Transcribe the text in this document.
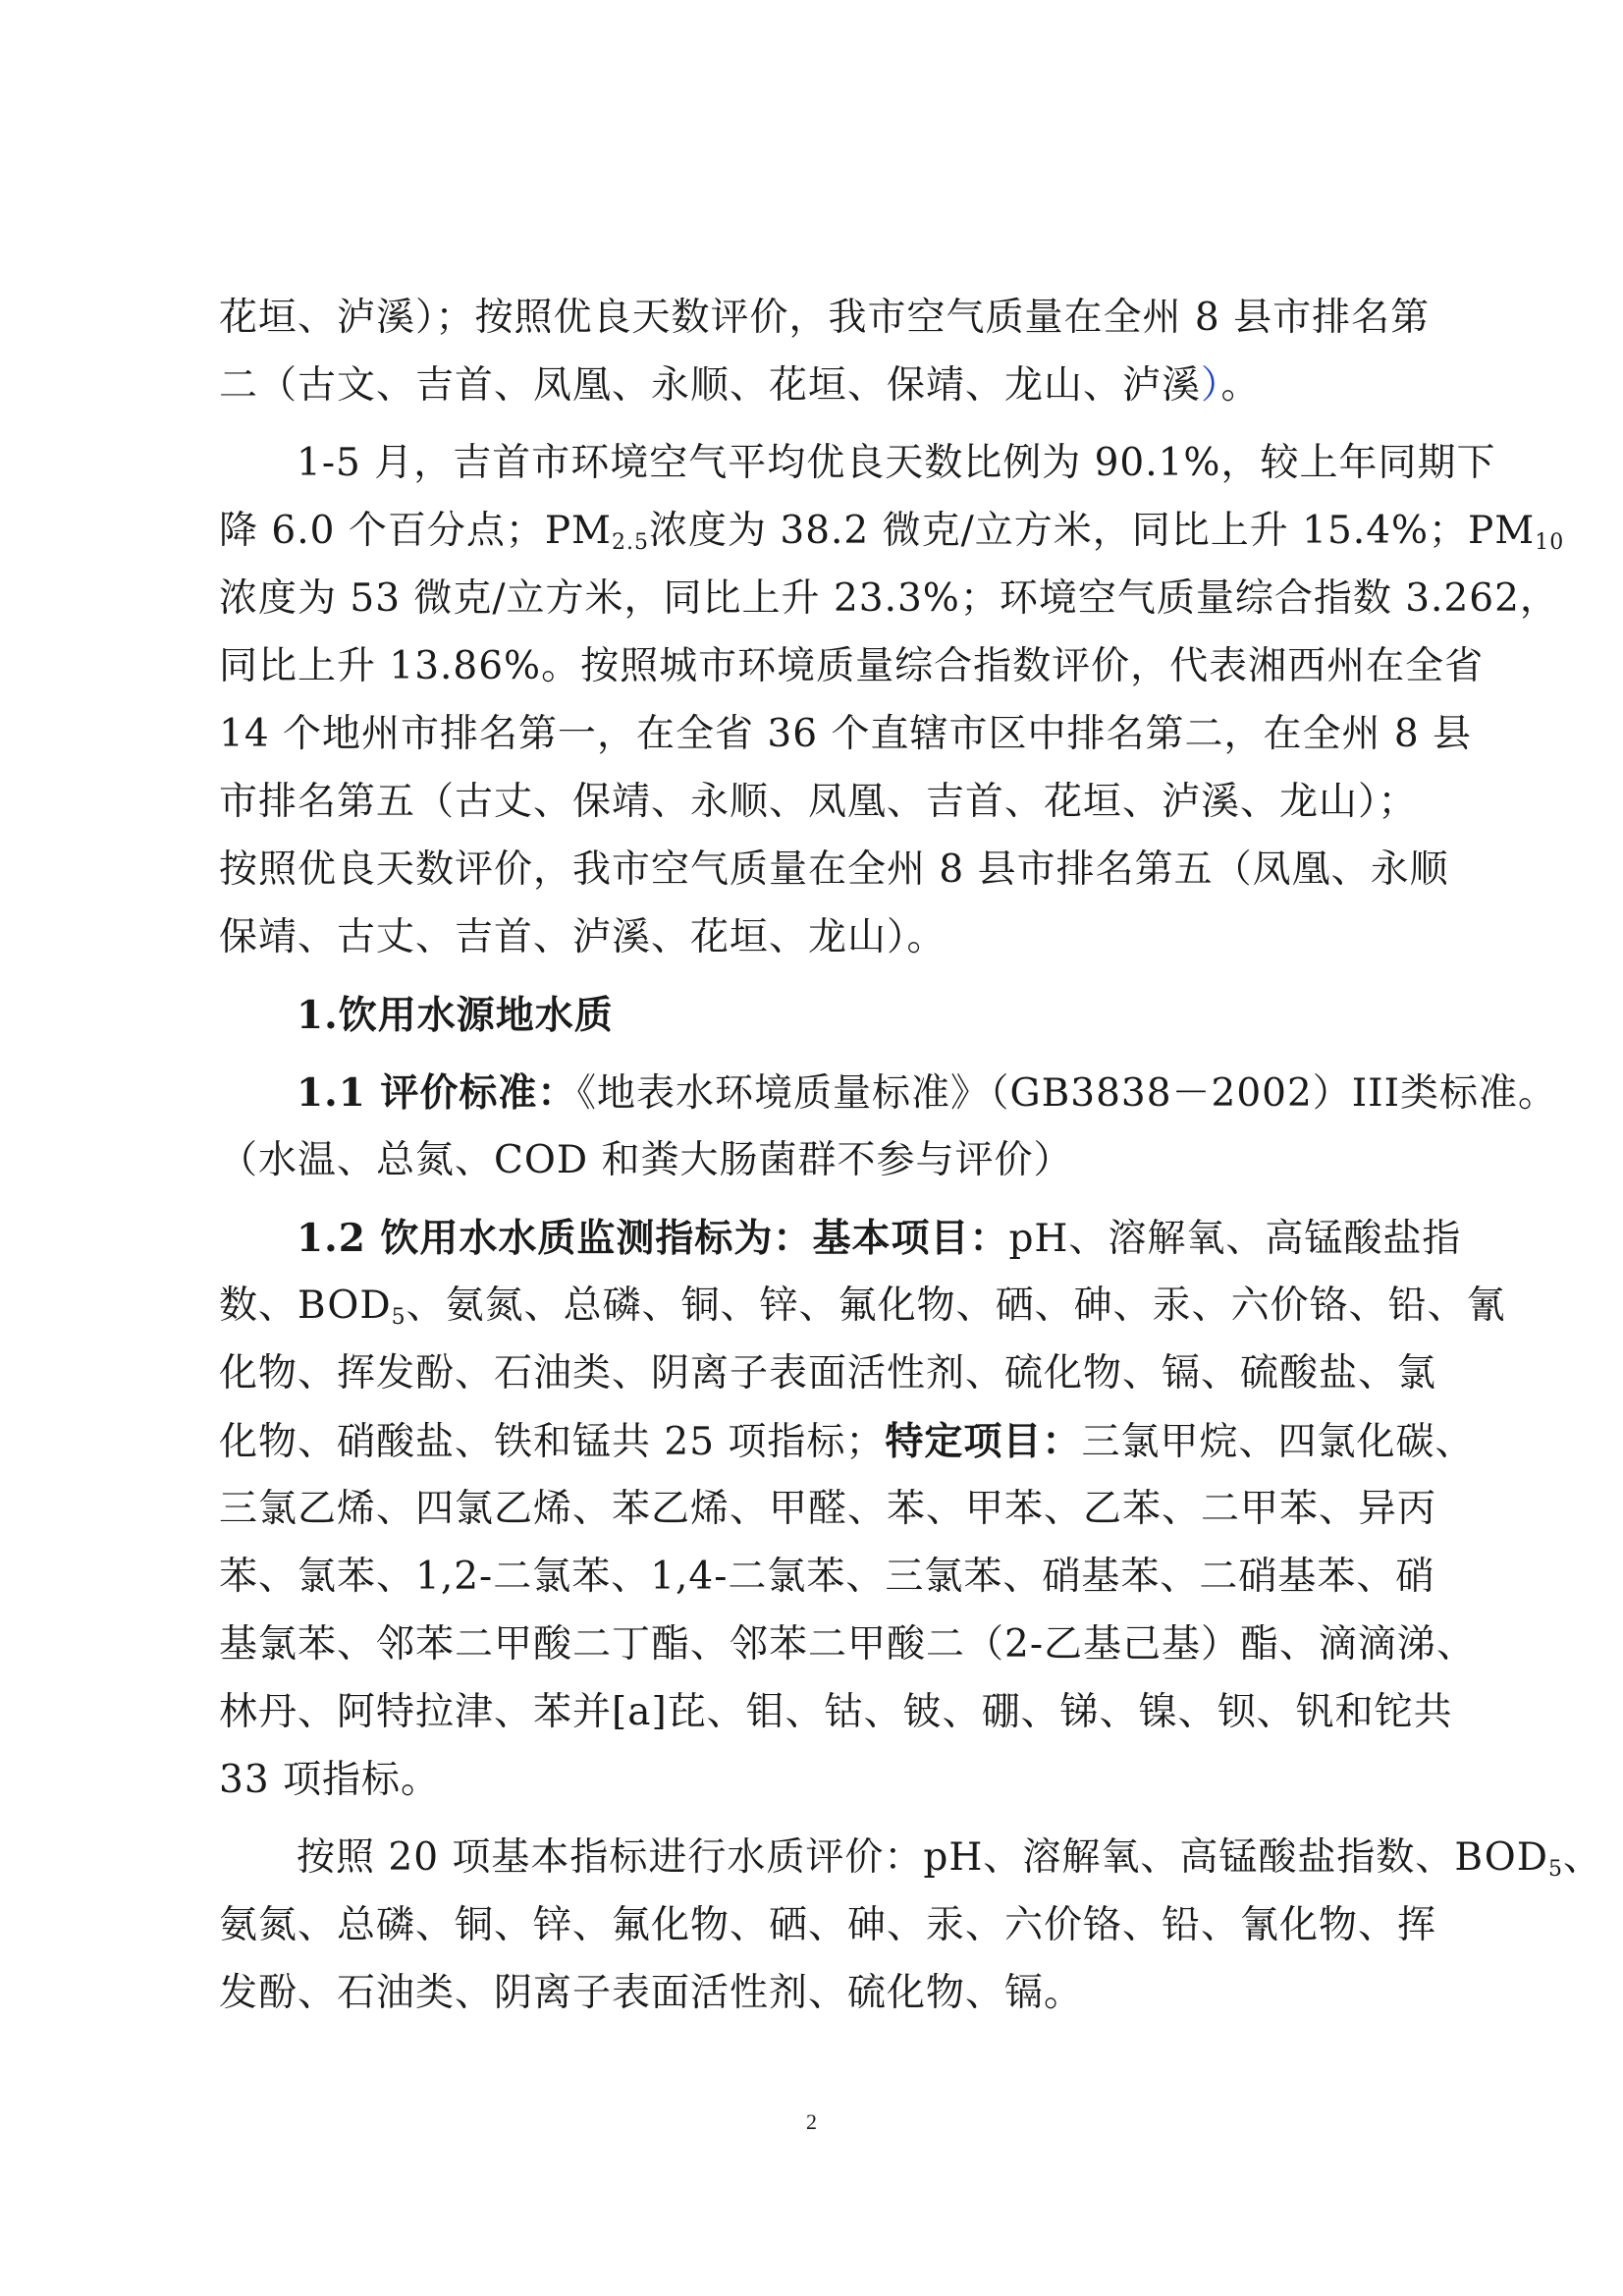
花垣、泸溪）；按照优良天数评价，我市空气质量在全州 8 县市排名第
二（古文、吉首、凤凰、永顺、花垣、保靖、龙山、泸溪）。
1-5 月，吉首市环境空气平均优良天数比例为 90.1%，较上年同期下
降 6.0 个百分点；$PM_{2.5}$浓度为 38.2 微克/立方米，同比上升 15.4%；$PM_{10}$
浓度为 53 微克/立方米，同比上升 23.3%；环境空气质量综合指数 3.262，
同比上升 13.86%。按照城市环境质量综合指数评价，代表湘西州在全省
14 个地州市排名第一，在全省 36 个直辖市区中排名第二，在全州 8 县
市排名第五（古丈、保靖、永顺、凤凰、吉首、花垣、泸溪、龙山）；
按照优良天数评价，我市空气质量在全州 8 县市排名第五（凤凰、永顺
保靖、古丈、吉首、泸溪、花垣、龙山）。
1.饮用水源地水质
1.1 评价标准：《地表水环境质量标准》（GB3838－2002）III类标准。
（水温、总氮、COD 和粪大肠菌群不参与评价）
1.2 饮用水水质监测指标为：基本项目：pH、溶解氧、高锰酸盐指
数、$BOD_5$、氨氮、总磷、铜、锌、氟化物、硒、砷、汞、六价铬、铅、氰
化物、挥发酚、石油类、阴离子表面活性剂、硫化物、镉、硫酸盐、氯
化物、硝酸盐、铁和锰共 25 项指标；特定项目：三氯甲烷、四氯化碳、
三氯乙烯、四氯乙烯、苯乙烯、甲醛、苯、甲苯、乙苯、二甲苯、异丙
苯、氯苯、1,2-二氯苯、1,4-二氯苯、三氯苯、硝基苯、二硝基苯、硝
基氯苯、邻苯二甲酸二丁酯、邻苯二甲酸二（2-乙基己基）酯、滴滴涕、
林丹、阿特拉津、苯并[a]芘、钼、钴、铍、硼、锑、镍、钡、钒和铊共
33 项指标。
按照 20 项基本指标进行水质评价：pH、溶解氧、高锰酸盐指数、$BOD_5$、
氨氮、总磷、铜、锌、氟化物、硒、砷、汞、六价铬、铅、氰化物、挥
发酚、石油类、阴离子表面活性剂、硫化物、镉。
2
